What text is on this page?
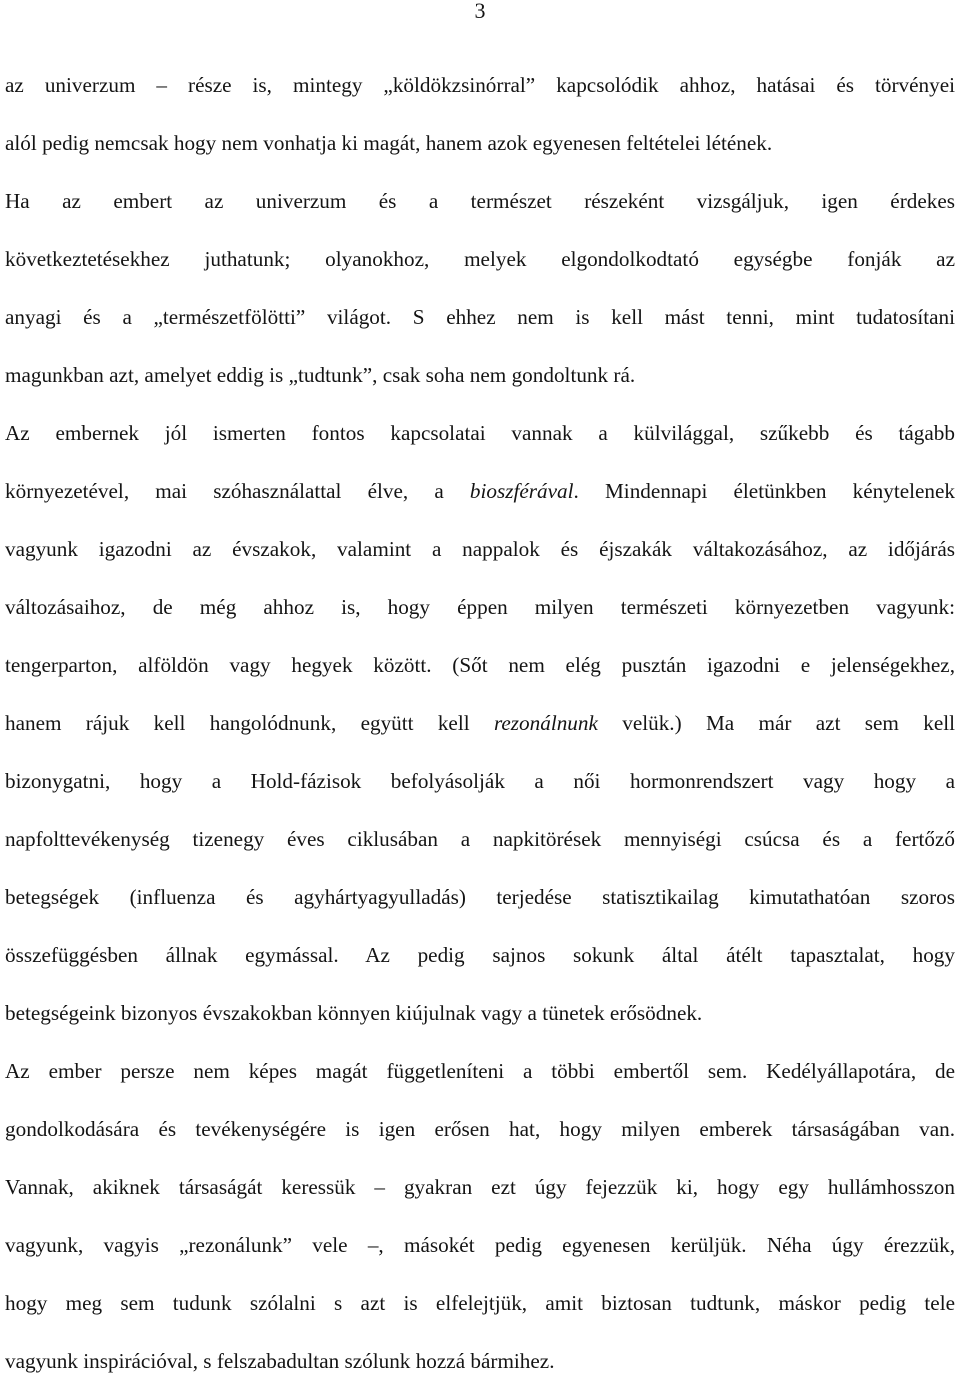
3
az univerzum – része is, mintegy „köldökzsinórral” kapcsolódik ahhoz, hatásai és törvényei
alól pedig nemcsak hogy nem vonhatja ki magát, hanem azok egyenesen feltételei létének.
Ha az embert az univerzum és a természet részeként vizsgáljuk, igen érdekes
következtetésekhez juthatunk; olyanokhoz, melyek elgondolkodtató egységbe fonják az
anyagi és a „természetfölötti” világot. S ehhez nem is kell mást tenni, mint tudatosítani
magunkban azt, amelyet eddig is „tudtunk”, csak soha nem gondoltunk rá.
Az embernek jól ismerten fontos kapcsolatai vannak a külvilággal, szűkebb és tágabb
környezetével, mai szóhasználattal élve, a bioszférával. Mindennapi életünkben kénytelenek
vagyunk igazodni az évszakok, valamint a nappalok és éjszakák váltakozásához, az időjárás
változásaihoz, de még ahhoz is, hogy éppen milyen természeti környezetben vagyunk:
tengerparton, alföldön vagy hegyek között. (Sőt nem elég pusztán igazodni e jelenségekhez,
hanem rájuk kell hangolódnunk, együtt kell rezonálnunk velük.) Ma már azt sem kell
bizonygatni, hogy a Hold-fázisok befolyásolják a női hormonrendszert vagy hogy a
napfolttevékenység tizenegy éves ciklusában a napkitörések mennyiségi csúcsa és a fertőző
betegségek (influenza és agyhártyagyulladás) terjedése statisztikailag kimutathatóan szoros
összefüggésben állnak egymással. Az pedig sajnos sokunk által átélt tapasztalat, hogy
betegségeink bizonyos évszakokban könnyen kiújulnak vagy a tünetek erősödnek.
Az ember persze nem képes magát függetleníteni a többi embertől sem. Kedélyállapotára, de
gondolkodására és tevékenységére is igen erősen hat, hogy milyen emberek társaságában van.
Vannak, akiknek társaságát keressük – gyakran ezt úgy fejezzük ki, hogy egy hullámhosszon
vagyunk, vagyis „rezonálunk” vele –, másokét pedig egyenesen kerüljük. Néha úgy érezzük,
hogy meg sem tudunk szólalni s azt is elfelejtjük, amit biztosan tudtunk, máskor pedig tele
vagyunk inspirációval, s felszabadultan szólunk hozzá bármihez.
